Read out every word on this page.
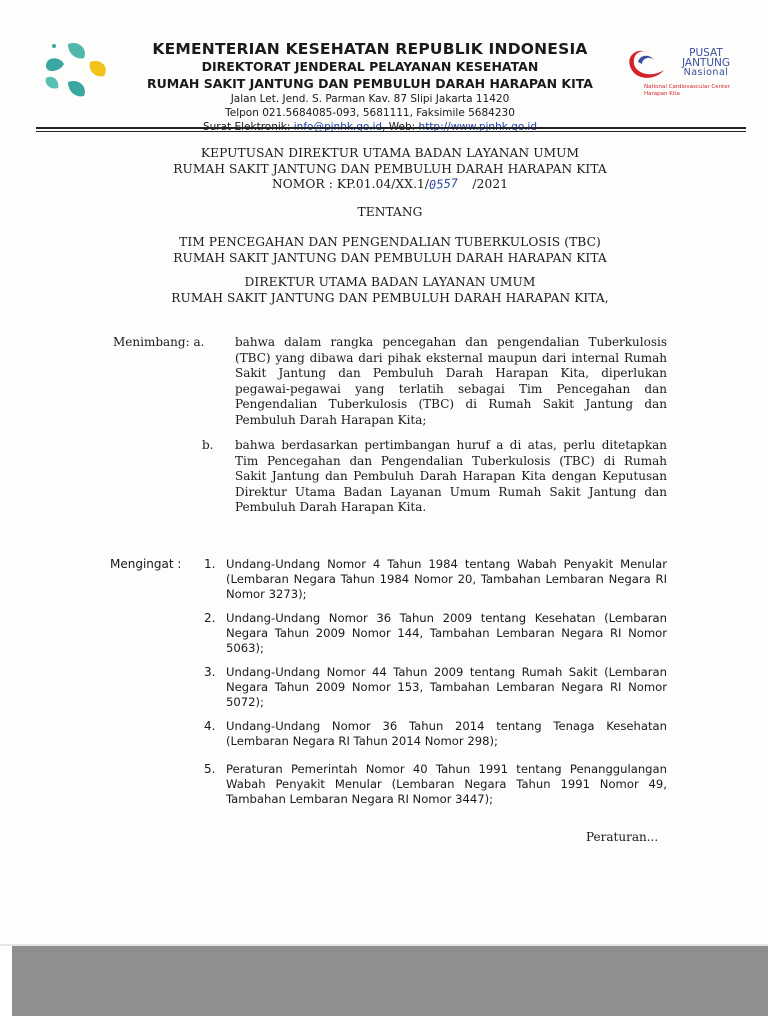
KEMENTERIAN KESEHATAN REPUBLIK INDONESIA
DIREKTORAT JENDERAL PELAYANAN KESEHATAN
RUMAH SAKIT JANTUNG DAN PEMBULUH DARAH HARAPAN KITA
Jalan Let. Jend. S. Parman Kav. 87 Slipi Jakarta 11420
Telpon 021.5684085-093, 5681111, Faksimile 5684230
PUSAT
JANTUNG
Nasional
National Cardiovascular Center
Harapan Kita
KEPUTUSAN DIREKTUR UTAMA BADAN LAYANAN UMUM
RUMAH SAKIT JANTUNG DAN PEMBULUH DARAH HARAPAN KITA
NOMOR : KP.01.04/XX.1/0557 /2021
TENTANG
TIM PENCEGAHAN DAN PENGENDALIAN TUBERKULOSIS (TBC)
RUMAH SAKIT JANTUNG DAN PEMBULUH DARAH HARAPAN KITA
DIREKTUR UTAMA BADAN LAYANAN UMUM
RUMAH SAKIT JANTUNG DAN PEMBULUH DARAH HARAPAN KITA,
Menimbang: a.	bahwa dalam rangka pencegahan dan pengendalian Tuberkulosis (TBC) yang dibawa dari pihak eksternal maupun dari internal Rumah Sakit Jantung dan Pembuluh Darah Harapan Kita, diperlukan pegawai-pegawai yang terlatih sebagai Tim Pencegahan dan Pengendalian Tuberkulosis (TBC) di Rumah Sakit Jantung dan Pembuluh Darah Harapan Kita;
b. bahwa berdasarkan pertimbangan huruf a di atas, perlu ditetapkan Tim Pencegahan dan Pengendalian Tuberkulosis (TBC) di Rumah Sakit Jantung dan Pembuluh Darah Harapan Kita dengan Keputusan Direktur Utama Badan Layanan Umum Rumah Sakit Jantung dan Pembuluh Darah Harapan Kita.
Mengingat : 1. Undang-Undang Nomor 4 Tahun 1984 tentang Wabah Penyakit Menular (Lembaran Negara Tahun 1984 Nomor 20, Tambahan Lembaran Negara RI Nomor 3273);
2. Undang-Undang Nomor 36 Tahun 2009 tentang Kesehatan (Lembaran Negara Tahun 2009 Nomor 144, Tambahan Lembaran Negara RI Nomor 5063);
3. Undang-Undang Nomor 44 Tahun 2009 tentang Rumah Sakit (Lembaran Negara Tahun 2009 Nomor 153, Tambahan Lembaran Negara RI Nomor 5072);
4. Undang-Undang Nomor 36 Tahun 2014 tentang Tenaga Kesehatan (Lembaran Negara RI Tahun 2014 Nomor 298);
5. Peraturan Pemerintah Nomor 40 Tahun 1991 tentang Penanggulangan Wabah Penyakit Menular (Lembaran Negara Tahun 1991 Nomor 49, Tambahan Lembaran Negara RI Nomor 3447);
Peraturan...
